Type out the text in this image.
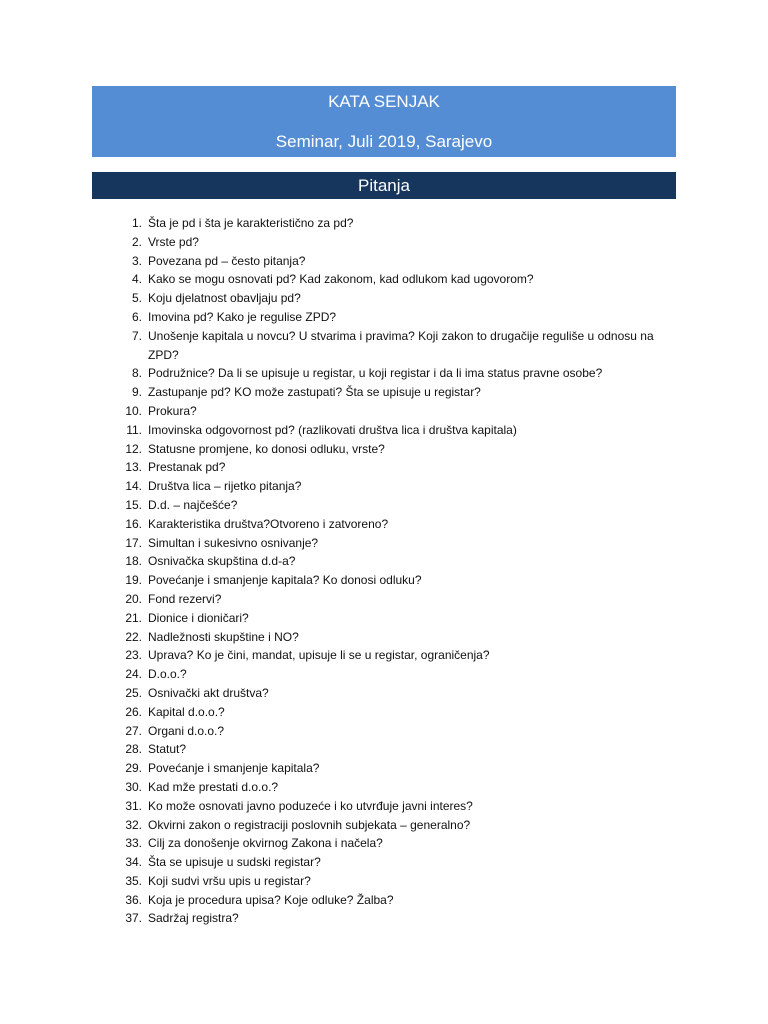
KATA SENJAK
Seminar, Juli 2019, Sarajevo
Pitanja
1. Šta je pd i šta je karakteristično za pd?
2. Vrste pd?
3. Povezana pd – često pitanja?
4. Kako se mogu osnovati pd? Kad zakonom, kad odlukom kad ugovorom?
5. Koju djelatnost obavljaju pd?
6. Imovina pd? Kako je regulise ZPD?
7. Unošenje kapitala u novcu? U stvarima i pravima? Koji zakon to drugačije reguliše u odnosu na ZPD?
8. Podružnice? Da li se upisuje u registar, u koji registar i da li ima status pravne osobe?
9. Zastupanje pd? KO može zastupati? Šta se upisuje u registar?
10. Prokura?
11. Imovinska odgovornost pd? (razlikovati društva lica i društva kapitala)
12. Statusne promjene, ko donosi odluku, vrste?
13. Prestanak pd?
14. Društva lica – rijetko pitanja?
15. D.d. – najčešće?
16. Karakteristika društva?Otvoreno i zatvoreno?
17. Simultan i sukesivno osnivanje?
18. Osnivačka skupština d.d-a?
19. Povećanje i smanjenje kapitala? Ko donosi odluku?
20. Fond rezervi?
21. Dionice i dioničari?
22. Nadležnosti skupštine i NO?
23. Uprava? Ko je čini, mandat, upisuje li se u registar, ograničenja?
24. D.o.o.?
25. Osnivački akt društva?
26. Kapital d.o.o.?
27. Organi d.o.o.?
28. Statut?
29. Povećanje i smanjenje kapitala?
30. Kad mže prestati d.o.o.?
31. Ko može osnovati javno poduzeće i ko utvrđuje javni interes?
32. Okvirni zakon o registraciji poslovnih subjekata – generalno?
33. Cilj za donošenje okvirnog Zakona i načela?
34. Šta se upisuje u sudski registar?
35. Koji sudvi vršu upis u registar?
36. Koja je procedura upisa? Koje odluke? Žalba?
37. Sadržaj registra?
